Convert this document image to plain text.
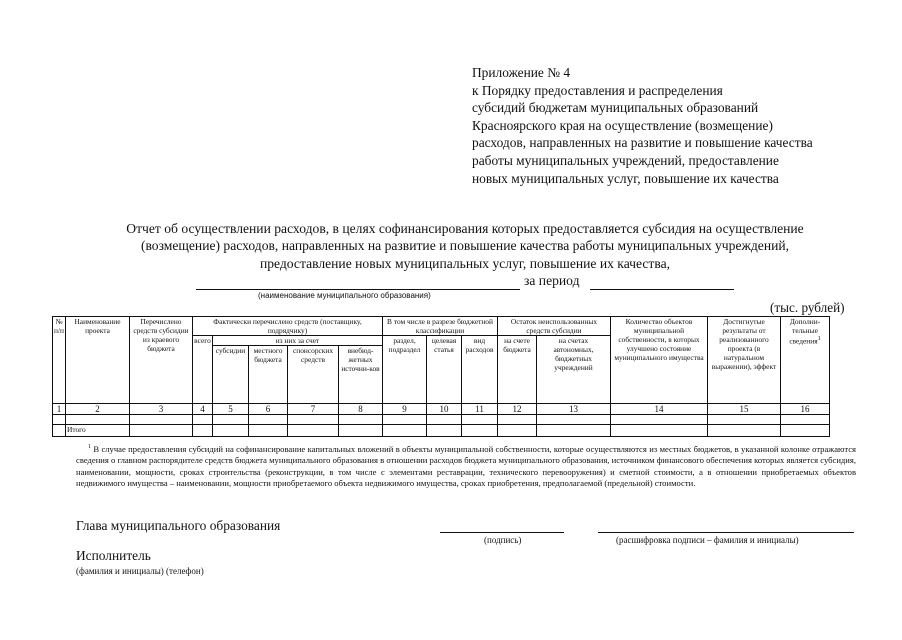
Приложение № 4
к Порядку предоставления и распределения
субсидий бюджетам муниципальных образований
Красноярского края на осуществление (возмещение)
расходов, направленных на развитие и повышение качества
работы муниципальных учреждений, предоставление
новых муниципальных услуг, повышение их качества
Отчет об осуществлении расходов, в целях софинансирования которых предоставляется субсидия на осуществление
(возмещение) расходов, направленных на развитие и повышение качества работы муниципальных учреждений,
предоставление новых муниципальных услуг, повышение их качества,
за период
(наименование муниципального образования)
(тыс. рублей)
№ п/п	Наименование проекта	Перечислено средств субсидии из краевого бюджета	Фактически перечислено средств (поставщику, подрядчику)					В том числе в разрезе бюджетной классификации			Остаток неиспользованных средств субсидии		Количество объектов муниципальной собственности, в которых улучшено состояние муниципального имущества	Достигнутые результаты от реализованного проекта (в натуральном выражении), эффект	Дополни-тельные сведения$^1$
			всего	из них за счет				раздел, подраздел	целевая статья	вид расходов	на счете бюджета	на счетах автономных, бюджетных учреждений			
				субсидии	местного бюджета	спонсорских средств	внебюд-жетных источни-ков								
1	2	3	4	5	6	7	8	9	10	11	12	13	14	15	16

	Итого														
$^1$ В случае предоставления субсидий на софинансирование капитальных вложений в объекты муниципальной собственности, которые осуществляются из местных бюджетов, в указанной колонке отражаются сведения о главном распорядителе средств бюджета муниципального образования в отношении расходов бюджета муниципального образования, источником финансового обеспечения которых является субсидия, наименовании, мощности, сроках строительства (реконструкции, в том числе с элементами реставрации, технического перевооружения) и сметной стоимости, а в отношении приобретаемых объектов недвижимого имущества – наименовании, мощности приобретаемого объекта недвижимого имущества, сроках приобретения, предполагаемой (предельной) стоимости.
Глава муниципального образования
(подпись)	(расшифровка подписи – фамилия и инициалы)
Исполнитель
(фамилия и инициалы) (телефон)
